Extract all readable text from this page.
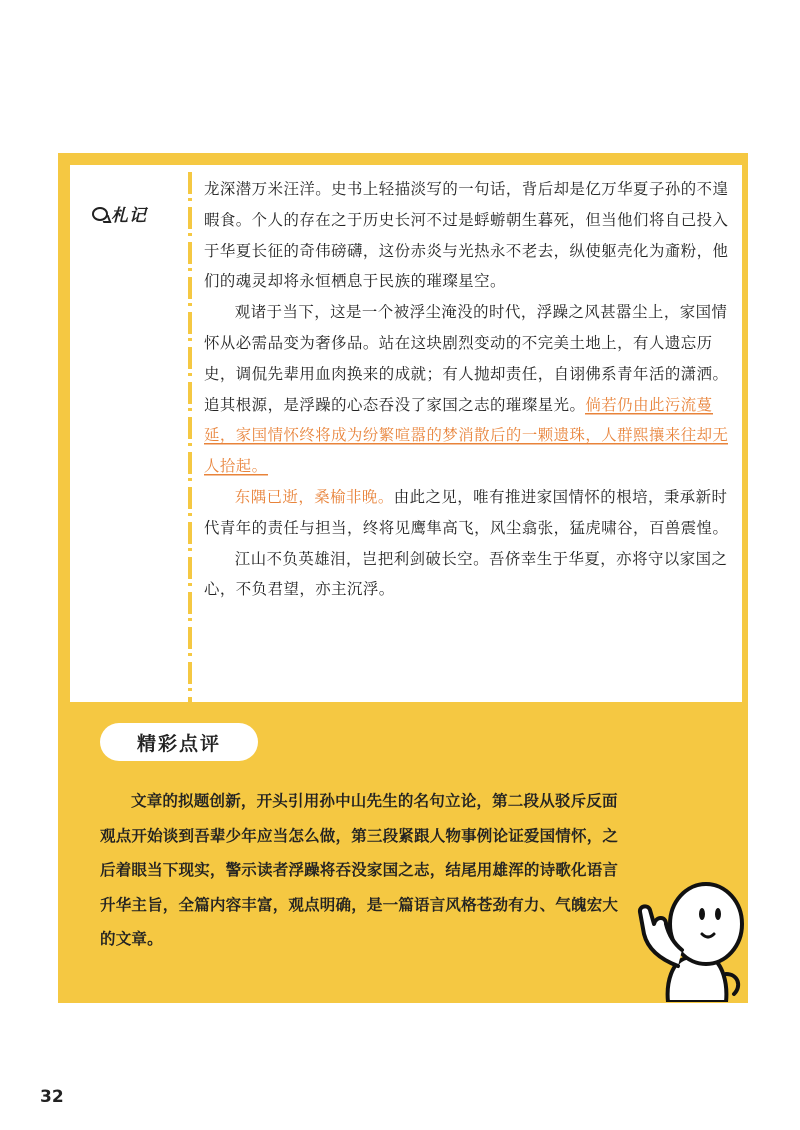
札记

龙深潜万米汪洋。史书上轻描淡写的一句话，背后却是亿万华夏子孙的不遑暇食。个人的存在之于历史长河不过是蜉蝣朝生暮死，但当他们将自己投入于华夏长征的奇伟磅礴，这份赤炎与光热永不老去，纵使躯壳化为齑粉，他们的魂灵却将永恒栖息于民族的璀璨星空。

观诸于当下，这是一个被浮尘淹没的时代，浮躁之风甚嚣尘上，家国情怀从必需品变为奢侈品。站在这块剧烈变动的不完美土地上，有人遗忘历史，调侃先辈用血肉换来的成就；有人抛却责任，自诩佛系青年活的潇洒。追其根源，是浮躁的心态吞没了家国之志的璀璨星光。倘若仍由此污流蔓延，家国情怀终将成为纷繁喧嚣的梦消散后的一颗遗珠，人群熙攘来往却无人拾起。

东隅已逝，桑榆非晚。由此之见，唯有推进家国情怀的根培，秉承新时代青年的责任与担当，终将见鹰隼高飞，风尘翕张，猛虎啸谷，百兽震惶。

江山不负英雄泪，岂把利剑破长空。吾侪幸生于华夏，亦将守以家国之心，不负君望，亦主沉浮。

精彩点评

文章的拟题创新，开头引用孙中山先生的名句立论，第二段从驳斥反面观点开始谈到吾辈少年应当怎么做，第三段紧跟人物事例论证爱国情怀，之后着眼当下现实，警示读者浮躁将吞没家国之志，结尾用雄浑的诗歌化语言升华主旨，全篇内容丰富，观点明确，是一篇语言风格苍劲有力、气魄宏大的文章。

32
